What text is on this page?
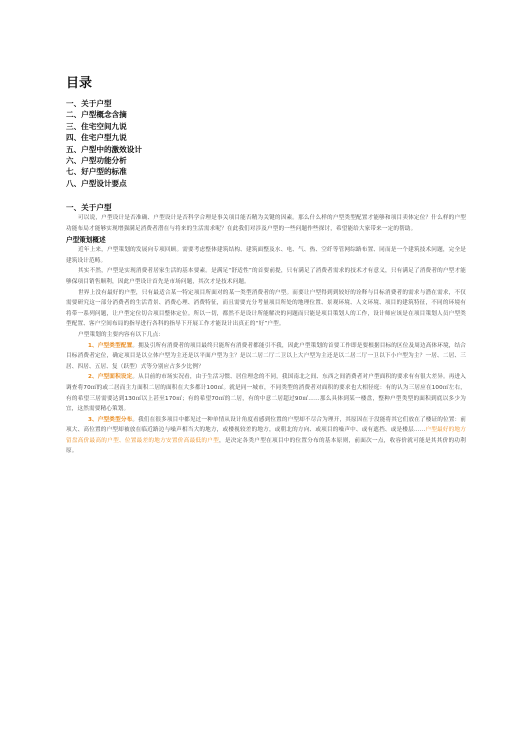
目录
一、关于户型
二、户型概念含摘
三、住宅空间九说
四、住宅户型九说
五、户型中的激效设计
六、户型功能分析
七、好户型的标准
八、户型设计要点
一、关于户型

可以说，户型设计是否准确、户型设计是否科学合理是事关项目能否精为关键的因素。那么什么样的户型类型配置才能够和项目卖体定位？什么样的户型功能布局才能够实现增强满足消费者潜在与将来的生活需求呢？在此我们对涉及户型的一些问题作些探讨，希望能给大家带来一定的帮助。

户型策划概述

近年上来，户型策划的发展向专项回顾。需要考虑整体建筑结构、建筑面整及水、电、气、热、空纤等管网综路布置、同而是一个建筑技术问题，完全是建筑设计范畴。

其实不然，户型是实现消费者居家生活的基本要素。是满足“舒适性”的首要前提，只有满足了消费者需求的技术才有意义，只有满足了消费者的户型才能够保项目销售顺利，因此户型设计首先是市场问题，其次才是技术问题。

世界上没有最好的户型，只有最适合某一特定项目所面对的某一类型消费者的户型。而要让户型得到到较好的诠释与目标消费者的需求与潜在需求，不仅需要研究这一部分消费者的生活背景、消费心理、消费特征，而且需要充分考量项目所处的地理位置、景观环境、人文环境、项目的建筑特征，不同的环境有将带一系列问题，让户型定位切合项目整体定位。所以一切，都然不是设计所能解决的问题而只能是项目策划人的工作，设计师应该是在项目策划人员户型类型配置、客户空间布局的指导进行各科的指导下开展工作才能设计出真正的“好”户型。

户型策划的主要内容有以下几点：

1、户型类型配置。拥及引所有消费者的项目最终只能所有消费者都能引不我，因此户型策划的首要工作即是要根据目标的区位及周边高体环境，结合目标消费者定位，确定项目是以立体户型为主还是以平面户型为主？是以二居二厅二卫以上大户型为主还是以二居二厅一卫以下小户型为主？一居、二居、三居、四居、五居、复（跃型）式等分别应占多少比例？

2、户型面积设定。从目前的市场实况看，由于生活习惯、居住理念的不同，我国南北之间、东西之间消费者对户型面积的要求有有很大差异。再进入调查将70㎡的或二居而主力面积二居的面积在大多都计100㎡。就是同一城市，不同类型的消费者对面积的要求也大相径庭：有的认为三居应在100㎡左右，有的希望三居需要达到130㎡以上甚至170㎡；有的希望70㎡的二居，有的中意二居超过90㎡……那么具体到某一楼盘，整种户型类型的面积到底以多少为宜，这然需要精心策划。

3、户型类型分布。我们在很多项目中都见过一种单情从设计角度看感到位置的户型却不尽合为理开，其原因在于没能将其它们放在了楼证的位置：前项大、高位置的户型却被放在临近路边与噪声相当大的地方，或楼视较差的地方，或朝北的方向、或项目的噪声中、或有遮挡、或是楼层……户型最好的地方留盘高价最高的户型、位置最差的地方安置价高最低的户型，是决定各类户型在项目中的位置分布的基本原则，前面次一点，收容价就可能是其其价的功利原。
